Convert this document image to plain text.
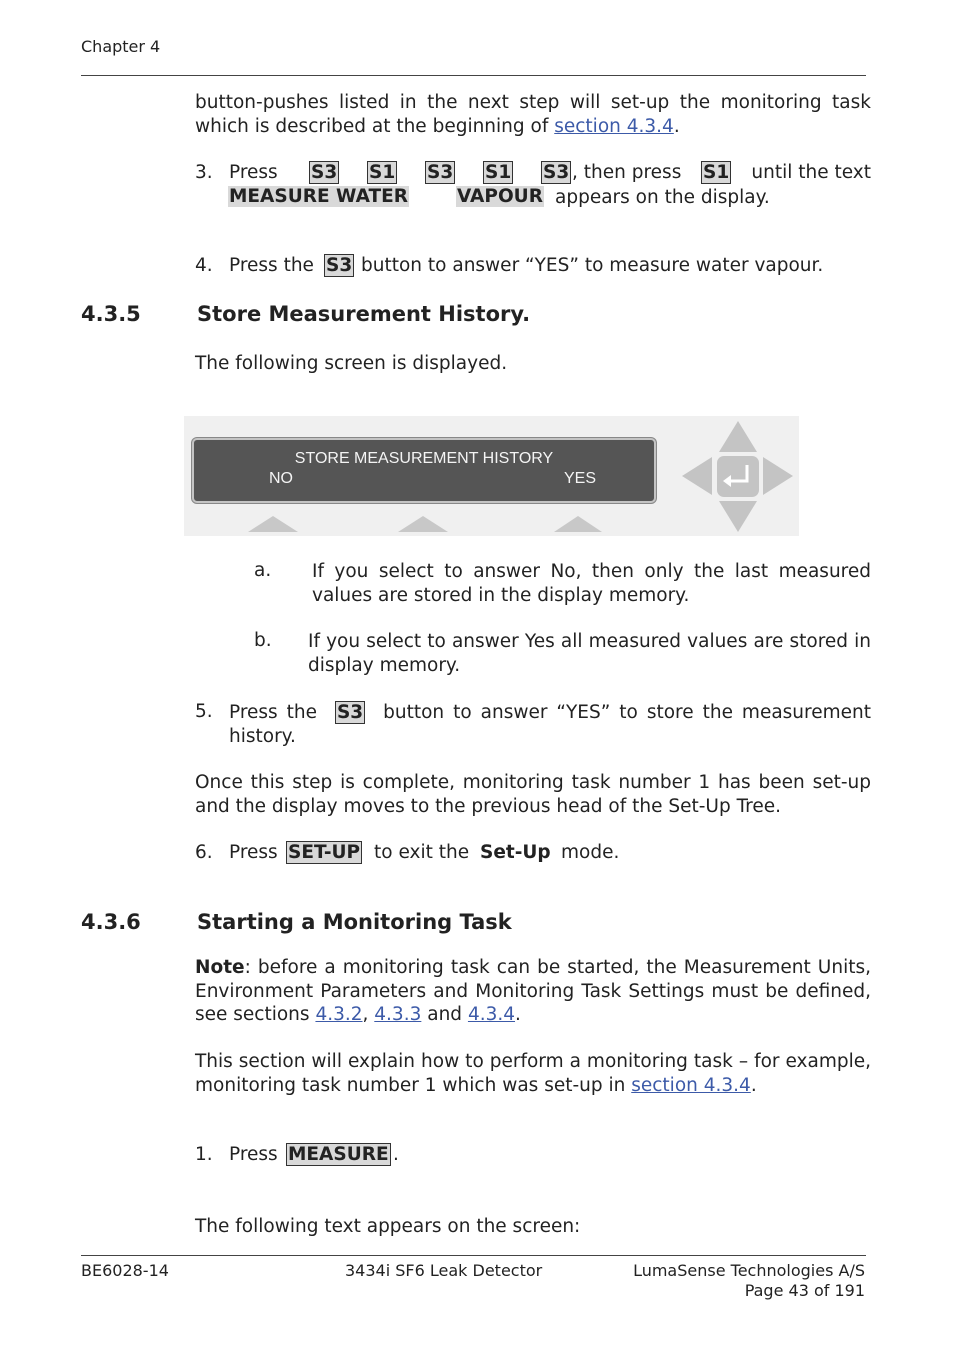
Chapter 4
button-pushes listed in the next step will set-up the monitoring task which is described at the beginning of section 4.3.4.
3. Press S3 S1 S3 S1 S3 , then press S1	until the text
MEASURE WATER	VAPOUR appears on the display.
4. Press the S3 button to answer “YES” to measure water vapour.
4.3.5	Store Measurement History.
The following screen is displayed.
STORE MEASUREMENT HISTORY
NO	YES
a. If you select to answer No, then only the last measured values are stored in the display memory.
b. If you select to answer Yes all measured values are stored in display memory.
5. Press the S3 button to answer “YES” to store the measurement history.
Once this step is complete, monitoring task number 1 has been set-up and the display moves to the previous head of the Set-Up Tree.
6. Press SET-UP to exit the Set-Up mode.
4.3.6	Starting a Monitoring Task
Note: before a monitoring task can be started, the Measurement Units, Environment Parameters and Monitoring Task Settings must be defined, see sections 4.3.2, 4.3.3 and 4.3.4.
This section will explain how to perform a monitoring task – for example, monitoring task number 1 which was set-up in section 4.3.4.
1. Press MEASURE .
The following text appears on the screen:
BE6028-14	3434i SF6 Leak Detector	LumaSense Technologies A/S
Page 43 of 191
